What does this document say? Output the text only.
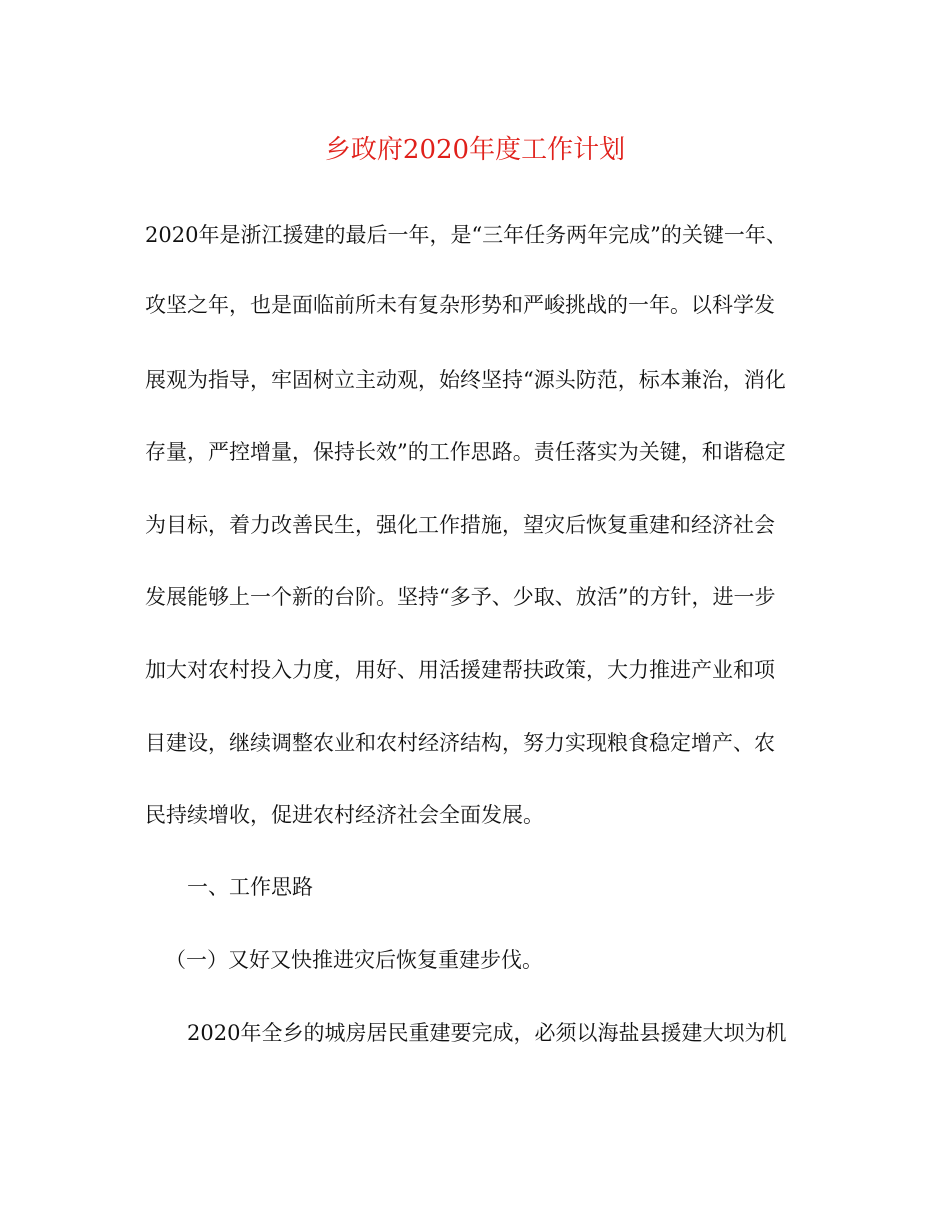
乡政府2020年度工作计划
2020年是浙江援建的最后一年，是“三年任务两年完成”的关键一年、
攻坚之年，也是面临前所未有复杂形势和严峻挑战的一年。以科学发
展观为指导，牢固树立主动观，始终坚持“源头防范，标本兼治，消化
存量，严控增量，保持长效”的工作思路。责任落实为关键，和谐稳定
为目标，着力改善民生，强化工作措施，望灾后恢复重建和经济社会
发展能够上一个新的台阶。坚持“多予、少取、放活”的方针，进一步
加大对农村投入力度，用好、用活援建帮扶政策，大力推进产业和项
目建设，继续调整农业和农村经济结构，努力实现粮食稳定增产、农
民持续增收，促进农村经济社会全面发展。
一、工作思路
（一）又好又快推进灾后恢复重建步伐。
2020年全乡的城房居民重建要完成，必须以海盐县援建大坝为机
